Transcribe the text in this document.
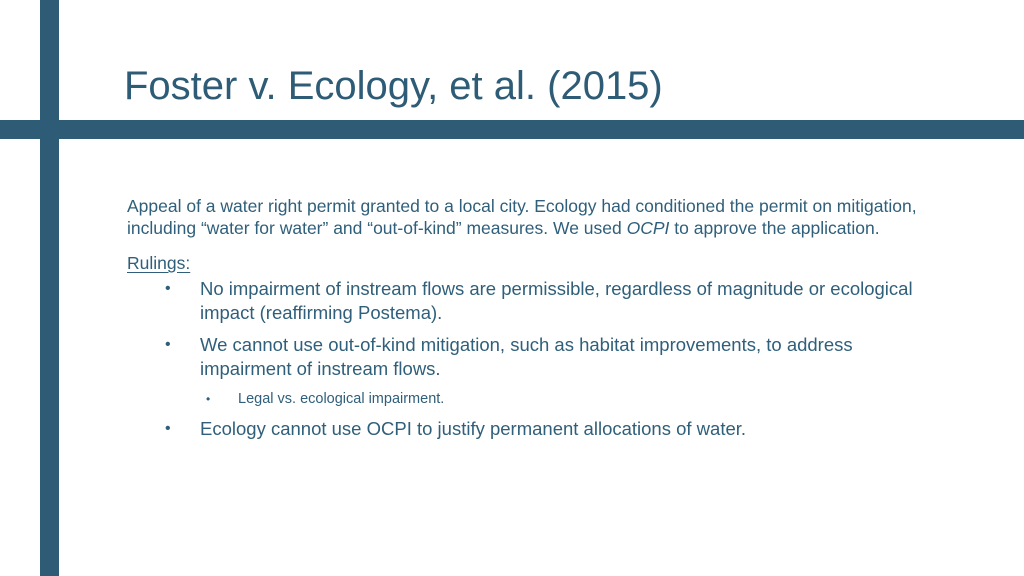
Foster v. Ecology, et al. (2015)

Appeal of a water right permit granted to a local city. Ecology had conditioned the permit on mitigation, including “water for water” and “out-of-kind” measures. We used OCPI to approve the application.

Rulings:
• No impairment of instream flows are permissible, regardless of magnitude or ecological impact (reaffirming Postema).
• We cannot use out-of-kind mitigation, such as habitat improvements, to address impairment of instream flows.
• Legal vs. ecological impairment.
• Ecology cannot use OCPI to justify permanent allocations of water.
